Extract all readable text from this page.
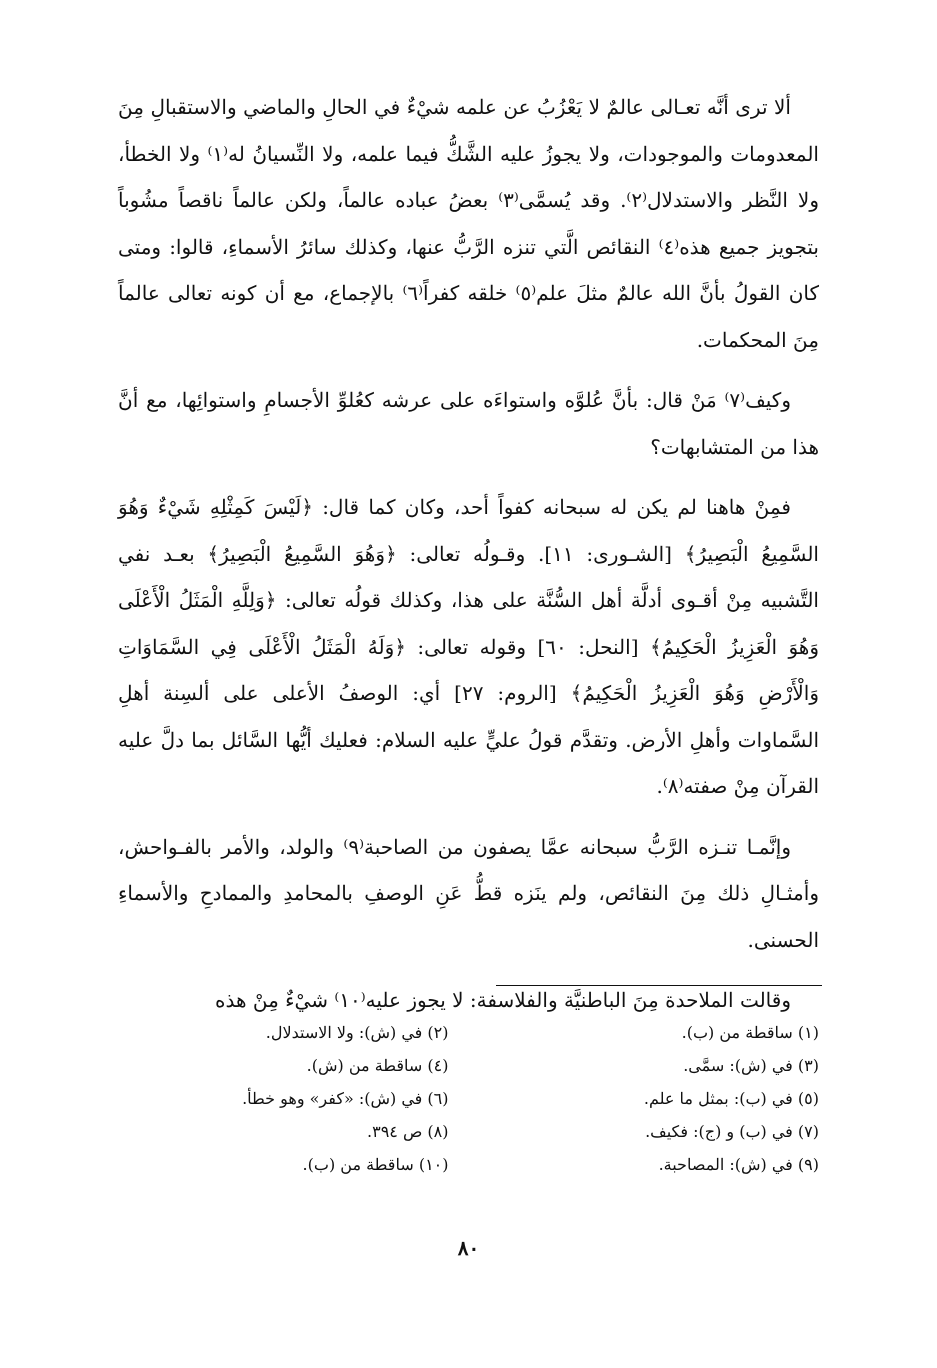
ألا ترى أنَّه تعـالى عالمٌ لا يَعْزُبُ عن علمه شيْءٌ في الحالِ والماضي والاستقبالِ مِنَ المعدومات والموجودات، ولا يجوزُ عليه الشَّكُّ فيما علمه، ولا النِّسيانُ له⁽١⁾ ولا الخطأ، ولا النَّظر والاستدلال⁽٢⁾. وقد يُسمَّى⁽٣⁾ بعضُ عباده عالماً، ولكن عالماً ناقصاً مشُوباً بتجويز جميع هذه⁽٤⁾ النقائص الَّتي تنزه الرَّبُّ عنها، وكذلك سائرُ الأسماءِ، قالوا: ومتى كان القولُ بأنَّ الله عالمٌ مثلَ علم⁽٥⁾ خلقه كفراً⁽٦⁾ بالإجماع، مع أن كونه تعالى عالماً مِنَ المحكمات.

وكيف⁽٧⁾ مَنْ قال: بأنَّ عُلوَّه واستواءَه على عرشه كعُلوِّ الأجسامِ واستوائِها، مع أنَّ هذا من المتشابهات؟

فمِنْ هاهنا لم يكن له سبحانه كفواً أحد، وكان كما قال: ﴿لَيْسَ كَمِثْلِهِ شَيْءٌ وَهُوَ السَّمِيعُ الْبَصِيرُ﴾ [الشـورى: ١١]. وقـولُه تعالى: ﴿وَهُوَ السَّمِيعُ الْبَصِيرُ﴾ بعـد نفي التَّشبيه مِنْ أقـوى أدلَّة أهل السُّنَّة على هذا، وكذلك قولُه تعالى: ﴿وَلِلَّهِ الْمَثَلُ الْأَعْلَى وَهُوَ الْعَزِيزُ الْحَكِيمُ﴾ [النحل: ٦٠] وقوله تعالى: ﴿وَلَهُ الْمَثَلُ الْأَعْلَى فِي السَّمَاوَاتِ وَالْأَرْضِ وَهُوَ الْعَزِيزُ الْحَكِيمُ﴾ [الروم: ٢٧] أي: الوصفُ الأعلى على ألسِنة أهلِ السَّماوات وأهلِ الأرض. وتقدَّم قولُ عليٍّ عليه السلام: فعليك أيُّها السَّائل بما دلَّ عليه القرآن مِنْ صفته⁽٨⁾.

وإنَّمـا تنـزه الرَّبُّ سبحانه عمَّا يصفون من الصاحبة⁽٩⁾ والولد، والأمر بالفـواحش، وأمثـالِ ذلك مِنَ النقائص، ولم ينَزه قطُّ عَنِ الوصفِ بالمحامدِ والممادحِ والأسماءِ الحسنى.

وقالت الملاحدة مِنَ الباطنيَّة والفلاسفة: لا يجوز عليه⁽١٠⁾ شيْءٌ مِنْ هذه

(١) ساقطة من (ب).
(٢) في (ش): ولا الاستدلال.
(٣) في (ش): سمَّى.
(٤) ساقطة من (ش).
(٥) في (ب): بمثل ما علم.
(٦) في (ش): «كفر» وهو خطأ.
(٧) في (ب) و (ج): فكيف.
(٨) ص ٣٩٤.
(٩) في (ش): المصاحبة.
(١٠) ساقطة من (ب).
٨٠
